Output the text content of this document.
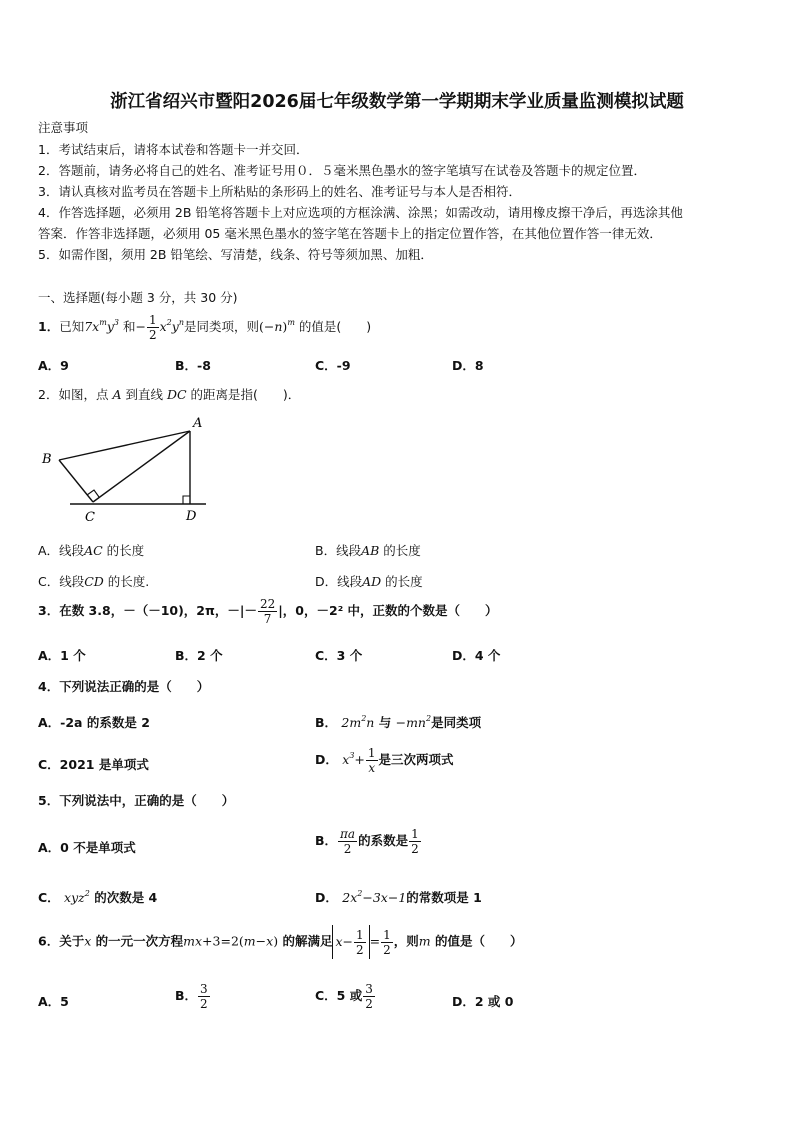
浙江省绍兴市暨阳2026届七年级数学第一学期期末学业质量监测模拟试题
注意事项
1．考试结束后，请将本试卷和答题卡一并交回．
2．答题前，请务必将自己的姓名、准考证号用０．５毫米黑色墨水的签字笔填写在试卷及答题卡的规定位置．
3．请认真核对监考员在答题卡上所粘贴的条形码上的姓名、准考证号与本人是否相符．
4．作答选择题，必须用 2B 铅笔将答题卡上对应选项的方框涂满、涂黑；如需改动，请用橡皮擦干净后，再选涂其他
答案．作答非选择题，必须用 05 毫米黑色墨水的签字笔在答题卡上的指定位置作答，在其他位置作答一律无效．
5．如需作图，须用 2B 铅笔绘、写清楚，线条、符号等须加黑、加粗．
一、选择题(每小题 3 分，共 30 分)
1．已知$7x^my^3$ 和− $\frac{1}{2} x^2y^n$是同类项，则$(-n)^m$ 的值是(　　)
A．9	B．-8	C．-9	D．8
2．如图，点 A 到直线 DC 的距离是指(　　)．
A
B
C	D
A．线段AC 的长度	B．线段AB 的长度
C．线段CD 的长度.	D．线段AD 的长度
3．在数 3.8，－（－10)，2π，－|－ $\frac{22}{7}$ |，0，－2² 中，正数的个数是（　　）
A．1 个	B．2 个	C．3 个	D．4 个
4．下列说法正确的是（　　）
A．-2a 的系数是 2	B． $2m^2n$ 与 $-mn^2$是同类项
C．2021 是单项式	D． $x^3+ \frac{1}{x}$ 是三次两项式
5．下列说法中，正确的是（　　）
A．0 不是单项式	B． $\frac{\pi a}{2}$ 的系数是 $\frac{1}{2}$
C． xyz$^2$ 的次数是 4	D． $2x^2-3x-1$的常数项是 1
6．关于x 的一元一次方程mx+3=2(m−x) 的解满足 $x- \frac{1}{2} = \frac{1}{2}$ ，则m 的值是（　　）
A．5	B． $\frac{3}{2}$	C．5 或 $\frac{3}{2}$	D．2 或 0
